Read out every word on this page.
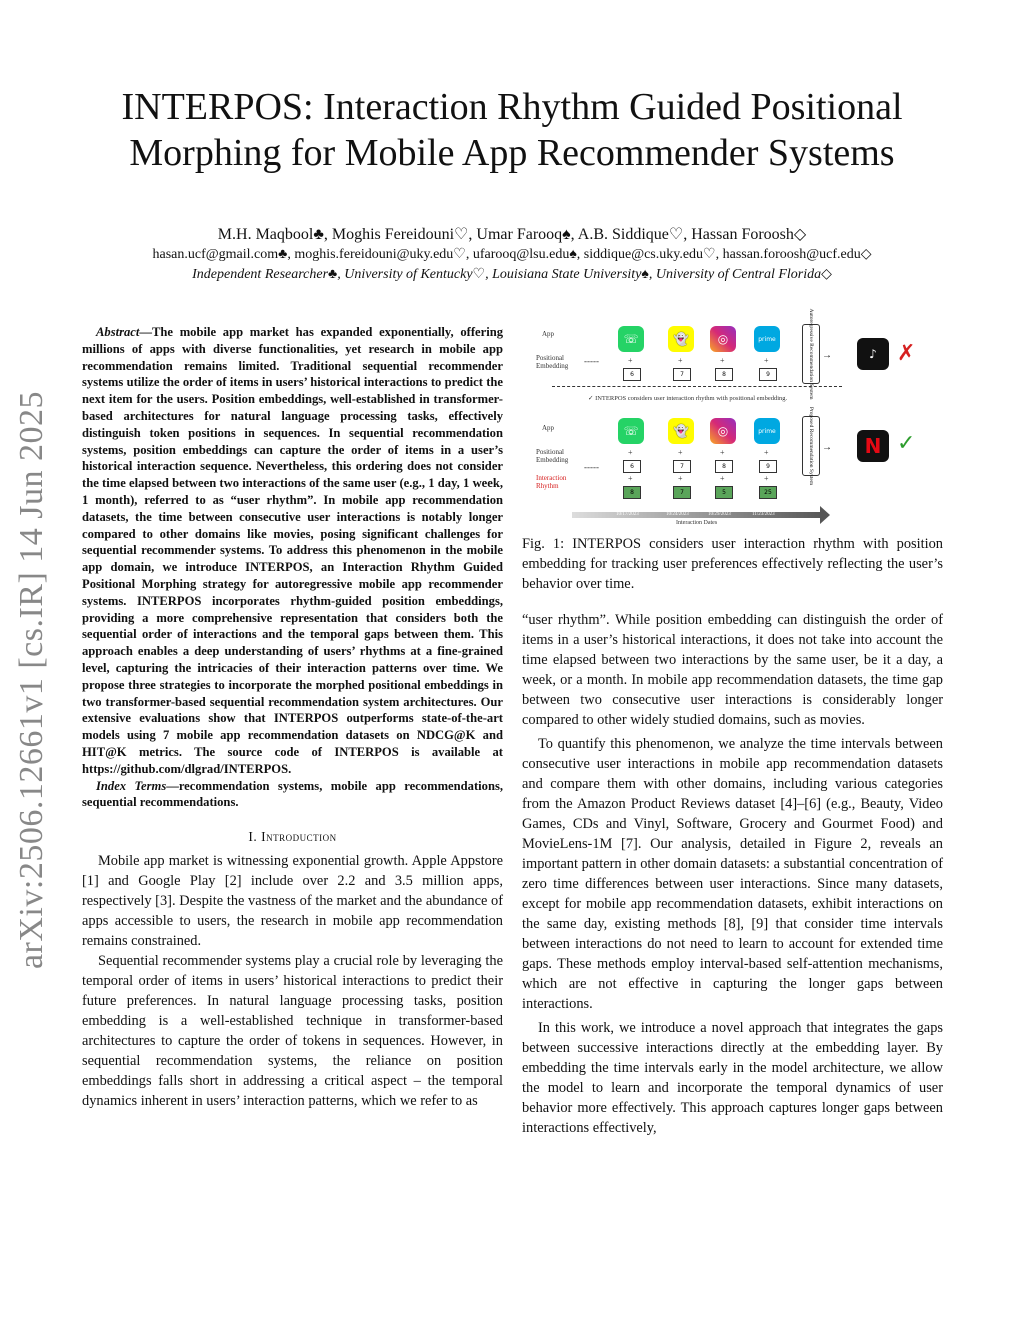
arXiv:2506.12661v1 [cs.IR] 14 Jun 2025
INTERPOS: Interaction Rhythm Guided Positional Morphing for Mobile App Recommender Systems
M.H. Maqbool♣, Moghis Fereidouni♡, Umar Farooq♠, A.B. Siddique♡, Hassan Foroosh◇
hasan.ucf@gmail.com♣, moghis.fereidouni@uky.edu♡, ufarooq@lsu.edu♠, siddique@cs.uky.edu♡, hassan.foroosh@ucf.edu◇
Independent Researcher♣, University of Kentucky♡, Louisiana State University♠, University of Central Florida◇

Abstract—The mobile app market has expanded exponentially, offering millions of apps with diverse functionalities, yet research in mobile app recommendation remains limited. Traditional sequential recommender systems utilize the order of items in users’ historical interactions to predict the next item for the users. Position embeddings, well-established in transformer-based architectures for natural language processing tasks, effectively distinguish token positions in sequences. In sequential recommendation systems, position embeddings can capture the order of items in a user’s historical interaction sequence. Nevertheless, this ordering does not consider the time elapsed between two interactions of the same user (e.g., 1 day, 1 week, 1 month), referred to as “user rhythm”. In mobile app recommendation datasets, the time between consecutive user interactions is notably longer compared to other domains like movies, posing significant challenges for sequential recommender systems. To address this phenomenon in the mobile app domain, we introduce INTERPOS, an Interaction Rhythm Guided Positional Morphing strategy for autoregressive mobile app recommender systems. INTERPOS incorporates rhythm-guided position embeddings, providing a more comprehensive representation that considers both the sequential order of interactions and the temporal gaps between them. This approach enables a deep understanding of users’ rhythms at a fine-grained level, capturing the intricacies of their interaction patterns over time. We propose three strategies to incorporate the morphed positional embeddings in two transformer-based sequential recommendation system architectures. Our extensive evaluations show that INTERPOS outperforms state-of-the-art models using 7 mobile app recommendation datasets on NDCG@K and HIT@K metrics. The source code of INTERPOS is available at https://github.com/dlgrad/INTERPOS.

Index Terms—recommendation systems, mobile app recommendations, sequential recommendations.

I. Introduction

Mobile app market is witnessing exponential growth. Apple Appstore [1] and Google Play [2] include over 2.2 and 3.5 million apps, respectively [3]. Despite the vastness of the market and the abundance of apps accessible to users, the research in mobile app recommendation remains constrained.

Sequential recommender systems play a crucial role by leveraging the temporal order of items in users’ historical interactions to predict their future preferences. In natural language processing tasks, position embedding is a well-established technique in transformer-based architectures to capture the order of tokens in sequences. However, in sequential recommendation systems, the reliance on position embeddings falls short in addressing a critical aspect – the temporal dynamics inherent in users’ interaction patterns, which we refer to as

App
Positional Embedding -----
☏	👻	◎	prime
+	+	+	+
6	7	8	9	Autoregressive Recommendation System →	♪ ✗
✓ INTERPOS considers user interaction rhythm with positional embedding.
App
Positional Embedding
Interaction Rhythm
-----
☏	👻	◎	prime
+	+	+	+
6	7	8	9
+	+	+	+
8	7	5	25
10/17/2023	10/24/2023	10/29/2023	11/23/2023
Interaction Dates
Proposed Recommendation System →	N ✓

Fig. 1: INTERPOS considers user interaction rhythm with position embedding for tracking user preferences effectively reflecting the user’s behavior over time.

“user rhythm”. While position embedding can distinguish the order of items in a user’s historical interactions, it does not take into account the time elapsed between two interactions by the same user, be it a day, a week, or a month. In mobile app recommendation datasets, the time gap between two consecutive user interactions is considerably longer compared to other widely studied domains, such as movies.

To quantify this phenomenon, we analyze the time intervals between consecutive user interactions in mobile app recommendation datasets and compare them with other domains, including various categories from the Amazon Product Reviews dataset [4]–[6] (e.g., Beauty, Video Games, CDs and Vinyl, Software, Grocery and Gourmet Food) and MovieLens-1M [7]. Our analysis, detailed in Figure 2, reveals an important pattern in other domain datasets: a substantial concentration of zero time differences between user interactions. Since many datasets, except for mobile app recommendation datasets, exhibit interactions on the same day, existing methods [8], [9] that consider time intervals between interactions do not need to learn to account for extended time gaps. These methods employ interval-based self-attention mechanisms, which are not effective in capturing the longer gaps between interactions.

In this work, we introduce a novel approach that integrates the gaps between successive interactions directly at the embedding layer. By embedding the time intervals early in the model architecture, we allow the model to learn and incorporate the temporal dynamics of user behavior more effectively. This approach captures longer gaps between interactions effectively,
